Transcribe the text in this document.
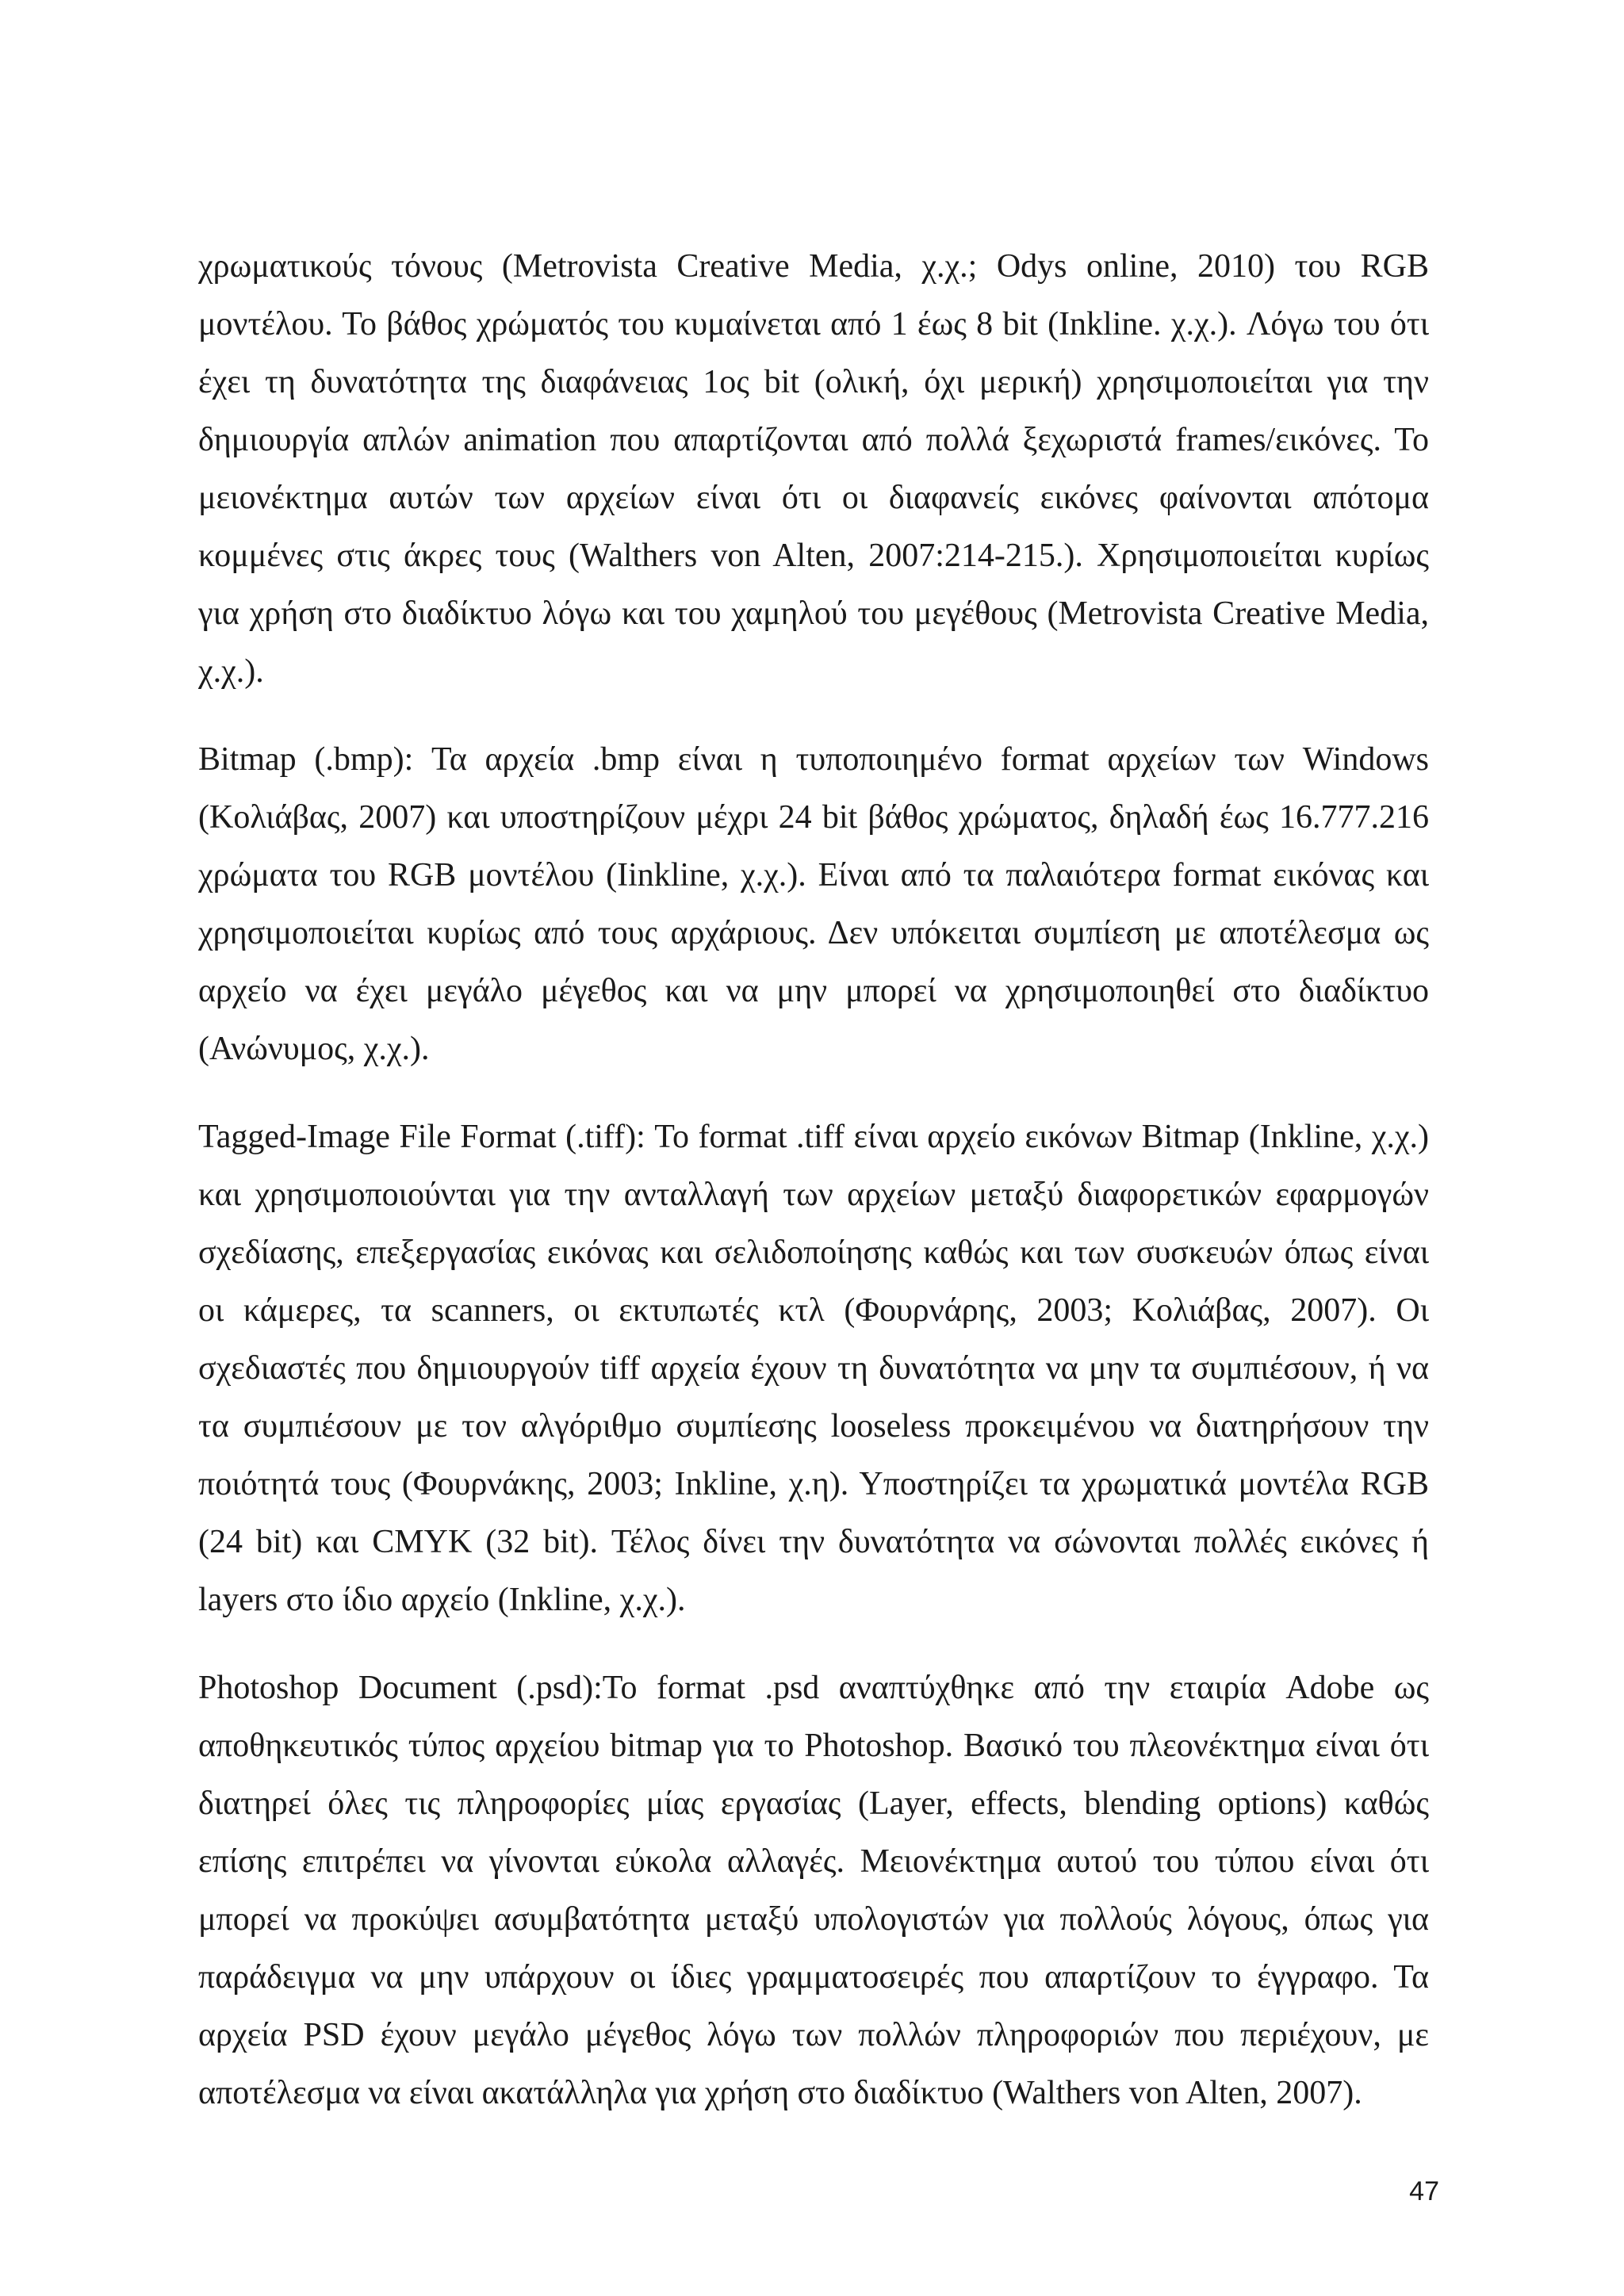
χρωματικούς τόνους (Metrovista Creative Media, χ.χ.; Odys online, 2010) του RGB μοντέλου. Το βάθος χρώματός του κυμαίνεται από 1 έως 8 bit (Inkline. χ.χ.). Λόγω του ότι έχει τη δυνατότητα της διαφάνειας 1ος bit (ολική, όχι μερική) χρησιμοποιείται για την δημιουργία απλών animation που απαρτίζονται από πολλά ξεχωριστά frames/εικόνες. Το μειονέκτημα αυτών των αρχείων είναι ότι οι διαφανείς εικόνες φαίνονται απότομα κομμένες στις άκρες τους (Walthers von Alten, 2007:214-215.). Χρησιμοποιείται κυρίως για χρήση στο διαδίκτυο λόγω και του χαμηλού του μεγέθους (Metrovista Creative Media, χ.χ.).

Bitmap (.bmp): Τα αρχεία .bmp είναι η τυποποιημένο format αρχείων των Windows (Κολιάβας, 2007) και υποστηρίζουν μέχρι 24 bit βάθος χρώματος, δηλαδή έως 16.777.216 χρώματα του RGB μοντέλου (Iinkline, χ.χ.). Είναι από τα παλαιότερα format εικόνας και χρησιμοποιείται κυρίως από τους αρχάριους. Δεν υπόκειται συμπίεση με αποτέλεσμα ως αρχείο να έχει μεγάλο μέγεθος και να μην μπορεί να χρησιμοποιηθεί στο διαδίκτυο (Ανώνυμος, χ.χ.).

Tagged-Image File Format (.tiff): Το format .tiff είναι αρχείο εικόνων Bitmap (Inkline, χ.χ.) και χρησιμοποιούνται για την ανταλλαγή των αρχείων μεταξύ διαφορετικών εφαρμογών σχεδίασης, επεξεργασίας εικόνας και σελιδοποίησης καθώς και των συσκευών όπως είναι οι κάμερες, τα scanners, οι εκτυπωτές κτλ (Φουρνάρης, 2003; Κολιάβας, 2007). Οι σχεδιαστές που δημιουργούν tiff αρχεία έχουν τη δυνατότητα να μην τα συμπιέσουν, ή να τα συμπιέσουν με τον αλγόριθμο συμπίεσης looseless προκειμένου να διατηρήσουν την ποιότητά τους (Φουρνάκης, 2003; Inkline, χ.η). Υποστηρίζει τα χρωματικά μοντέλα RGB (24 bit) και CMYK (32 bit). Τέλος δίνει την δυνατότητα να σώνονται πολλές εικόνες ή layers στο ίδιο αρχείο (Inkline, χ.χ.).

Photoshop Document (.psd):Το format .psd αναπτύχθηκε από την εταιρία Adobe ως αποθηκευτικός τύπος αρχείου bitmap για το Photoshop. Βασικό του πλεονέκτημα είναι ότι διατηρεί όλες τις πληροφορίες μίας εργασίας (Layer, effects, blending options) καθώς επίσης επιτρέπει να γίνονται εύκολα αλλαγές. Μειονέκτημα αυτού του τύπου είναι ότι μπορεί να προκύψει ασυμβατότητα μεταξύ υπολογιστών για πολλούς λόγους, όπως για παράδειγμα να μην υπάρχουν οι ίδιες γραμματοσειρές που απαρτίζουν το έγγραφο. Τα αρχεία PSD έχουν μεγάλο μέγεθος λόγω των πολλών πληροφοριών που περιέχουν, με αποτέλεσμα να είναι ακατάλληλα για χρήση στο διαδίκτυο (Walthers von Alten, 2007).

47
